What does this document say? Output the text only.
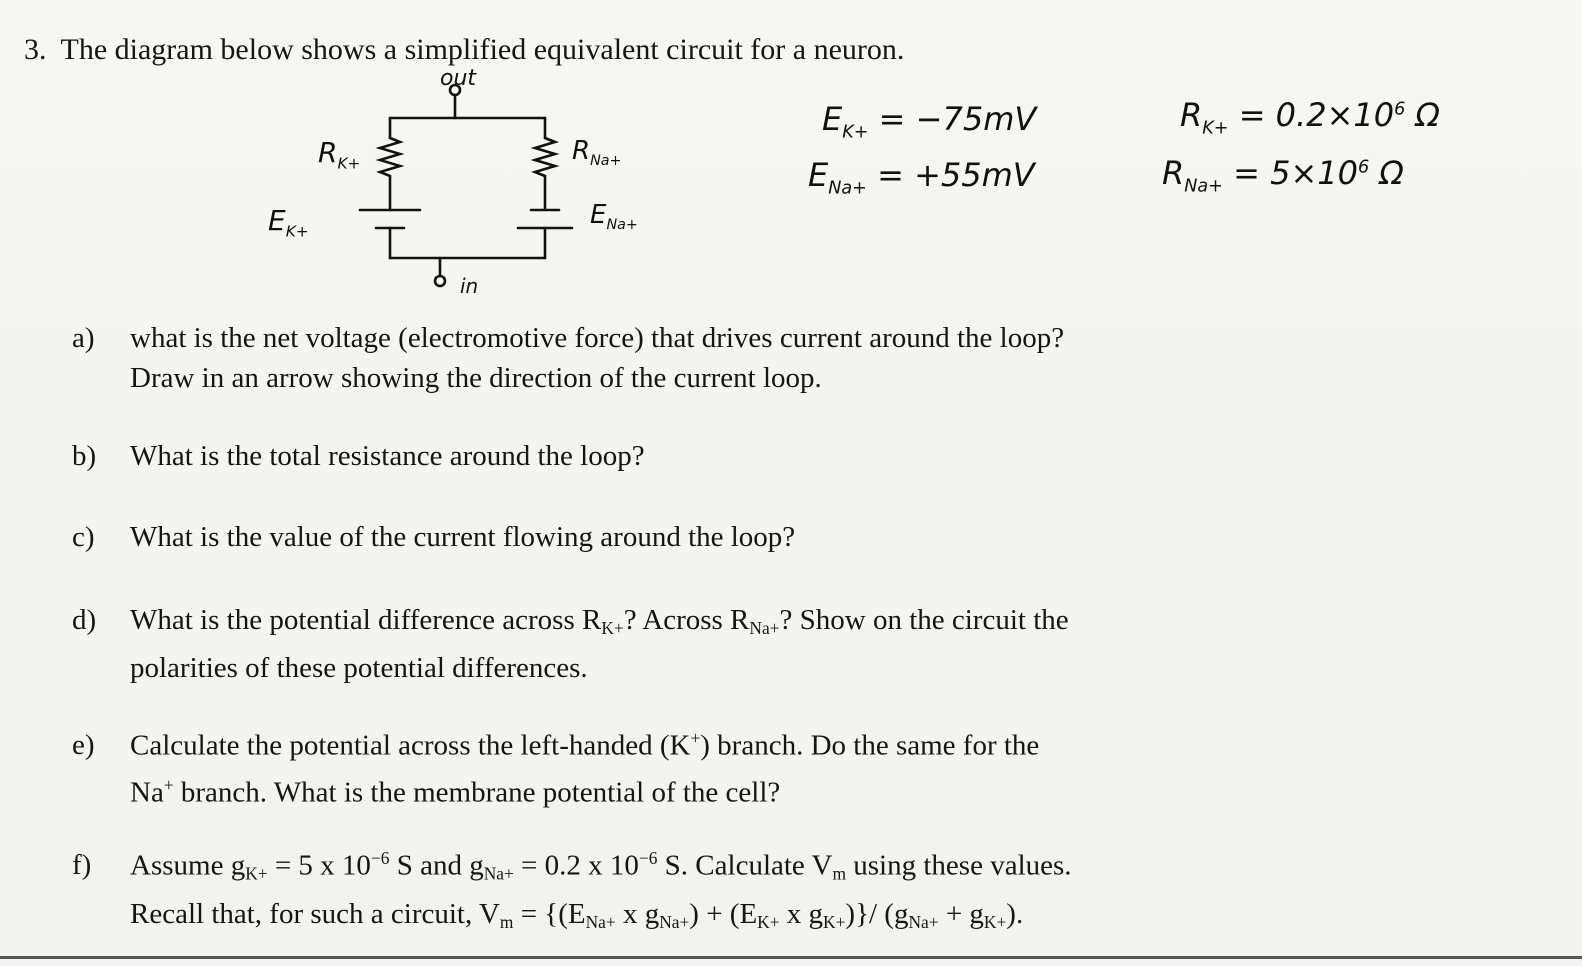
3. The diagram below shows a simplified equivalent circuit for a neuron.
out
in
$R_{K+}$	$R_{Na+}$
$E_{K+}$
$E_{Na+}$
$E_{K+} = -75mV$
$E_{Na+} = +55mV$
$R_{K+} = 0.2\times 10^6$ Ω
$R_{Na+} = 5\times 10^6$ Ω
a) what is the net voltage (electromotive force) that drives current around the loop?
Draw in an arrow showing the direction of the current loop.
b) What is the total resistance around the loop?
c) What is the value of the current flowing around the loop?
d) What is the potential difference across $R_{K+}$? Across $R_{Na+}$? Show on the circuit the
polarities of these potential differences.
e) Calculate the potential across the left-handed (K+) branch. Do the same for the
Na+ branch. What is the membrane potential of the cell?
f) Assume $g_{K+} = 5$ x $10^{-6}$ S and $g_{Na+} = 0.2$ x $10^{-6}$ S. Calculate $V_m$ using these values.
Recall that, for such a circuit, $V_m = \{(E_{Na+}$ x $g_{Na+}) + (E_{K+}$ x $g_{K+})\}/$ $(g_{Na+} + g_{K+})$.
